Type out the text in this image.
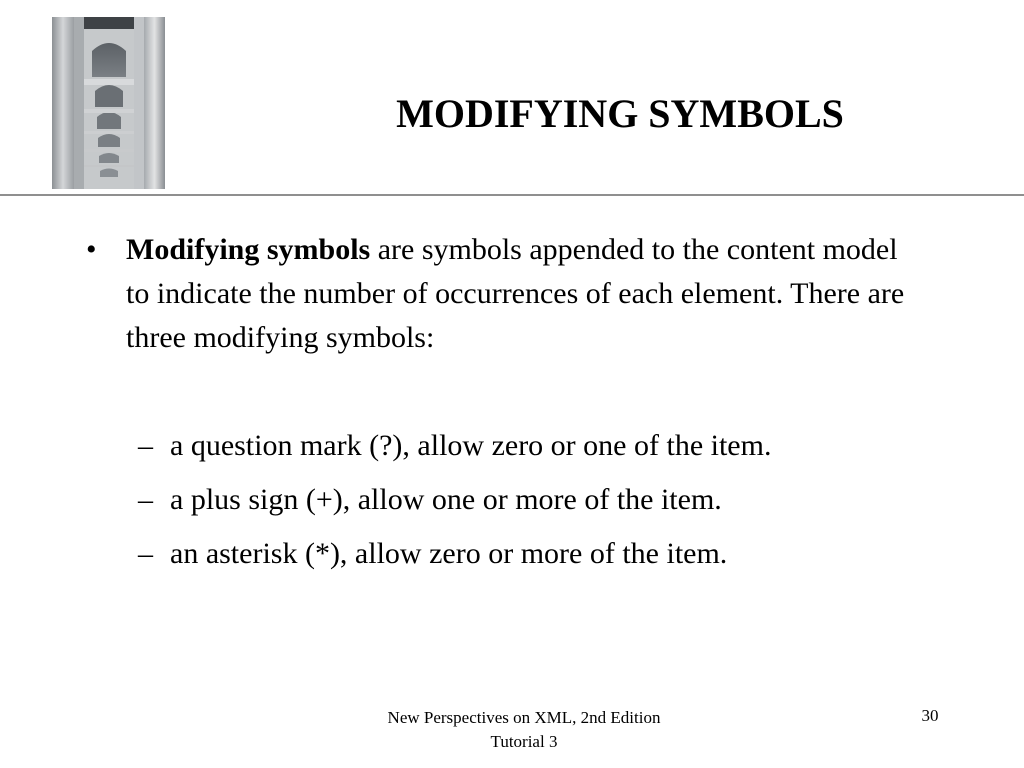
MODIFYING SYMBOLS
• Modifying symbols are symbols appended to the content model to indicate the number of occurrences of each element. There are three modifying symbols:
– a question mark (?), allow zero or one of the item.
– a plus sign (+), allow one or more of the item.
– an asterisk (*), allow zero or more of the item.
New Perspectives on XML, 2nd Edition
Tutorial 3
30
